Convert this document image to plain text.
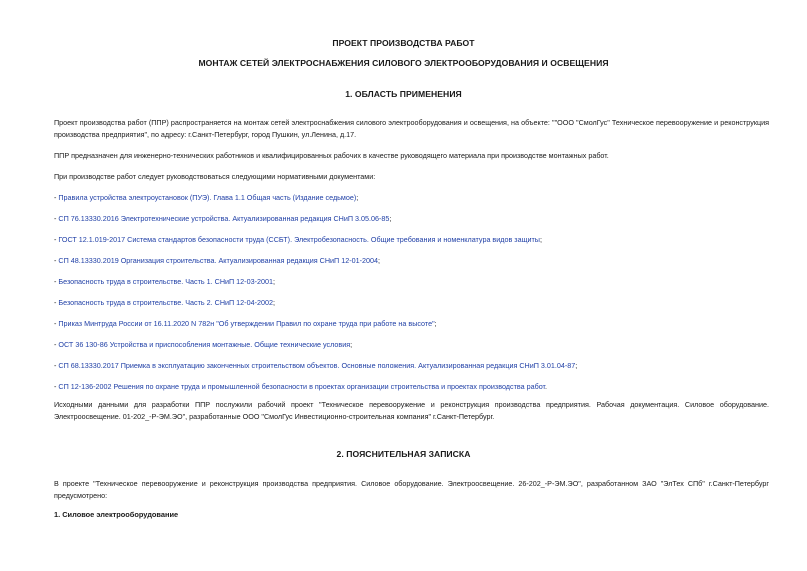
ПРОЕКТ ПРОИЗВОДСТВА РАБОТ
МОНТАЖ СЕТЕЙ ЭЛЕКТРОСНАБЖЕНИЯ СИЛОВОГО ЭЛЕКТРООБОРУДОВАНИЯ И ОСВЕЩЕНИЯ
1. ОБЛАСТЬ ПРИМЕНЕНИЯ
Проект производства работ (ППР) распространяется на монтаж сетей электроснабжения силового электрооборудования и освещения, на объекте: ""ООО "СмолГус" Техническое перевооружение и реконструкция производства предприятия", по адресу: г.Санкт-Петербург, город Пушкин, ул.Ленина, д.17.
ППР предназначен для инженерно-технических работников и квалифицированных рабочих в качестве руководящего материала при производстве монтажных работ.
При производстве работ следует руководствоваться следующими нормативными документами:
- Правила устройства электроустановок (ПУЭ). Глава 1.1 Общая часть (Издание седьмое);
- СП 76.13330.2016 Электротехнические устройства. Актуализированная редакция СНиП 3.05.06-85;
- ГОСТ 12.1.019-2017 Система стандартов безопасности труда (ССБТ). Электробезопасность. Общие требования и номенклатура видов защиты;
- СП 48.13330.2019 Организация строительства. Актуализированная редакция СНиП 12-01-2004;
- Безопасность труда в строительстве. Часть 1. СНиП 12-03-2001;
- Безопасность труда в строительстве. Часть 2. СНиП 12-04-2002;
- Приказ Минтруда России от 16.11.2020 N 782н "Об утверждении Правил по охране труда при работе на высоте";
- ОСТ 36 130-86 Устройства и приспособления монтажные. Общие технические условия;
- СП 68.13330.2017 Приемка в эксплуатацию законченных строительством объектов. Основные положения. Актуализированная редакция СНиП 3.01.04-87;
- СП 12-136-2002 Решения по охране труда и промышленной безопасности в проектах организации строительства и проектах производства работ.
Исходными данными для разработки ППР послужили рабочий проект "Техническое перевооружение и реконструкция производства предприятия. Рабочая документация. Силовое оборудование. Электроосвещение. 01-202_-Р-ЭМ.ЭО", разработанные ООО "СмолГус Инвестиционно-строительная компания" г.Санкт-Петербург.
2. ПОЯСНИТЕЛЬНАЯ ЗАПИСКА
В проекте "Техническое перевооружение и реконструкция производства предприятия. Силовое оборудование. Электроосвещение. 26-202_-Р-ЭМ.ЭО", разработанном ЗАО "ЭлТех СПб" г.Санкт-Петербург предусмотрено:
1. Силовое электрооборудование
